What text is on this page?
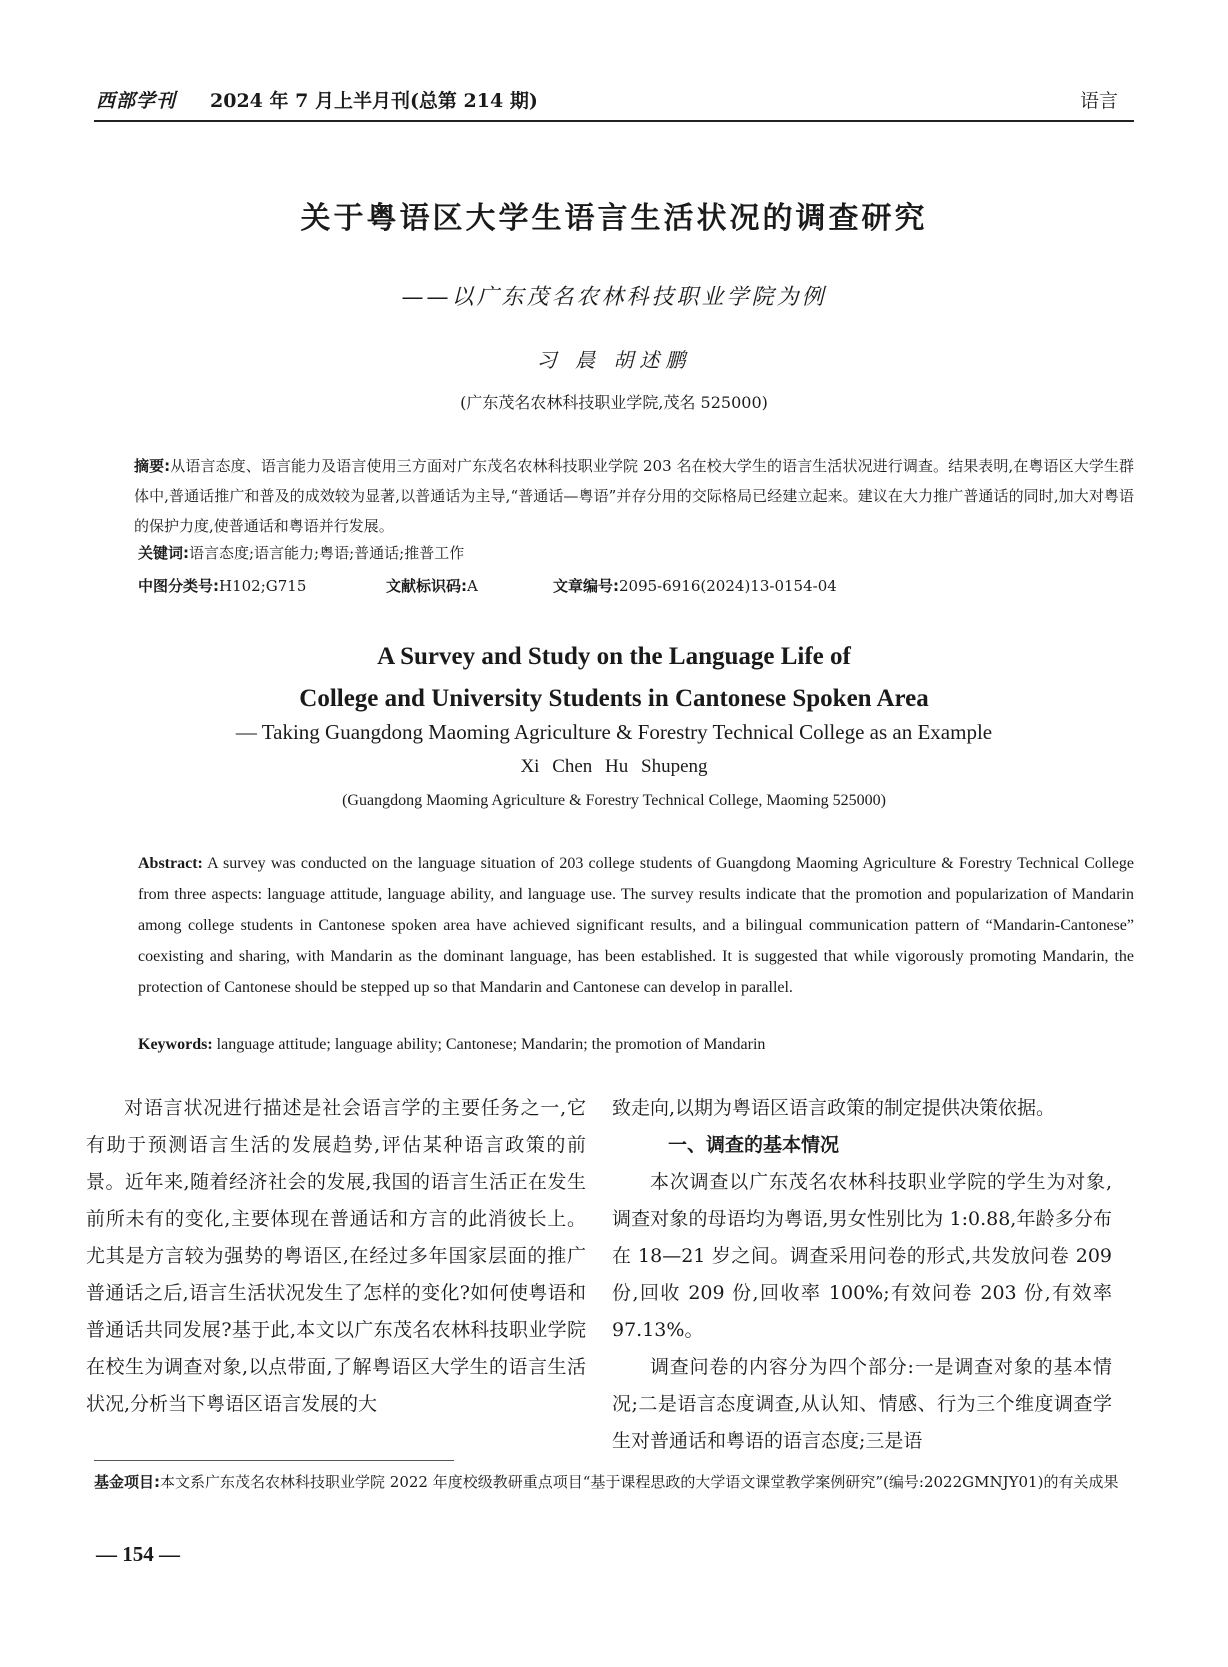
西部学刊 2024 年 7 月上半月刊(总第 214 期)	语言
关于粤语区大学生语言生活状况的调查研究
——以广东茂名农林科技职业学院为例
习 晨 胡述鹏
(广东茂名农林科技职业学院,茂名 525000)
摘要:从语言态度、语言能力及语言使用三方面对广东茂名农林科技职业学院 203 名在校大学生的语言生活状况进行调查。结果表明,在粤语区大学生群体中,普通话推广和普及的成效较为显著,以普通话为主导,“普通话—粤语”并存分用的交际格局已经建立起来。建议在大力推广普通话的同时,加大对粤语的保护力度,使普通话和粤语并行发展。
关键词:语言态度;语言能力;粤语;普通话;推普工作
中图分类号:H102;G715	文献标识码:A	文章编号:2095-6916(2024)13-0154-04
A Survey and Study on the Language Life of
College and University Students in Cantonese Spoken Area
— Taking Guangdong Maoming Agriculture & Forestry Technical College as an Example
Xi Chen Hu Shupeng
(Guangdong Maoming Agriculture & Forestry Technical College, Maoming 525000)
Abstract: A survey was conducted on the language situation of 203 college students of Guangdong Maoming Agriculture & Forestry Technical College from three aspects: language attitude, language ability, and language use. The survey results indicate that the promotion and popularization of Mandarin among college students in Cantonese spoken area have achieved significant results, and a bilingual communication pattern of “Mandarin-Cantonese” coexisting and sharing, with Mandarin as the dominant language, has been established. It is suggested that while vigorously promoting Mandarin, the protection of Cantonese should be stepped up so that Mandarin and Cantonese can develop in parallel.
Keywords: language attitude; language ability; Cantonese; Mandarin; the promotion of Mandarin

对语言状况进行描述是社会语言学的主要任务之一,它有助于预测语言生活的发展趋势,评估某种语言政策的前景。近年来,随着经济社会的发展,我国的语言生活正在发生前所未有的变化,主要体现在普通话和方言的此消彼长上。尤其是方言较为强势的粤语区,在经过多年国家层面的推广普通话之后,语言生活状况发生了怎样的变化?如何使粤语和普通话共同发展?基于此,本文以广东茂名农林科技职业学院在校生为调查对象,以点带面,了解粤语区大学生的语言生活状况,分析当下粤语区语言发展的大

致走向,以期为粤语区语言政策的制定提供决策依据。

一、调查的基本情况

本次调查以广东茂名农林科技职业学院的学生为对象,调查对象的母语均为粤语,男女性别比为 1:0.88,年龄多分布在 18—21 岁之间。调查采用问卷的形式,共发放问卷 209 份,回收 209 份,回收率 100%;有效问卷 203 份,有效率 97.13%。

调查问卷的内容分为四个部分:一是调查对象的基本情况;二是语言态度调查,从认知、情感、行为三个维度调查学生对普通话和粤语的语言态度;三是语

基金项目:本文系广东茂名农林科技职业学院 2022 年度校级教研重点项目“基于课程思政的大学语文课堂教学案例研究”(编号:2022GMNJY01)的有关成果
— 154 —
